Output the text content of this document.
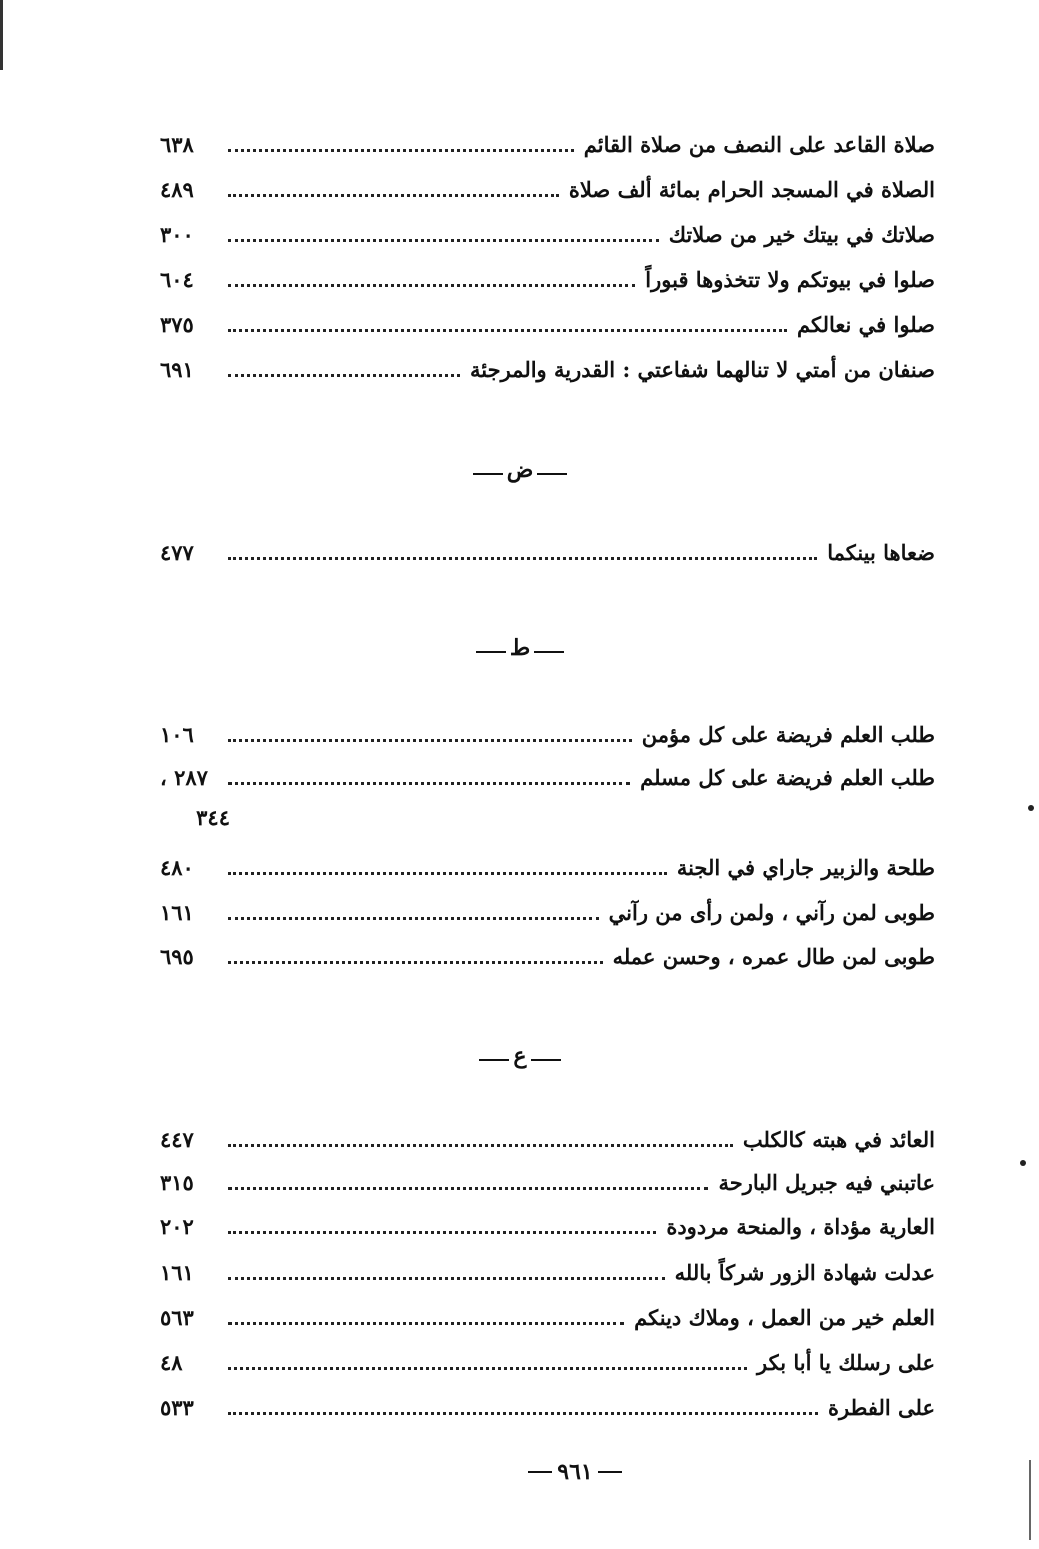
صلاة القاعد على النصف من صلاة القائم
٦٣٨
الصلاة في المسجد الحرام بمائة ألف صلاة
٤٨٩
صلاتك في بيتك خير من صلاتك
٣٠٠
صلوا في بيوتكم ولا تتخذوها قبوراً
٦٠٤
صلوا في نعالكم
٣٧٥
صنفان من أمتي لا تنالهما شفاعتي : القدرية والمرجئة
٦٩١
ض
ضعاها بينكما
٤٧٧
ط
طلب العلم فريضة على كل مؤمن
١٠٦
طلب العلم فريضة على كل مسلم
٢٨٧ ،
٣٤٤
طلحة والزبير جاراي في الجنة
٤٨٠
طوبى لمن رآني ، ولمن رأى من رآني
١٦١
طوبى لمن طال عمره ، وحسن عمله
٦٩٥
ع
العائد في هبته كالكلب
٤٤٧
عاتبني فيه جبريل البارحة
٣١٥
العارية مؤداة ، والمنحة مردودة
٢٠٢
عدلت شهادة الزور شركاً بالله
١٦١
العلم خير من العمل ، وملاك دينكم
٥٦٣
على رسلك يا أبا بكر
٤٨
على الفطرة
٥٣٣
٩٦١
